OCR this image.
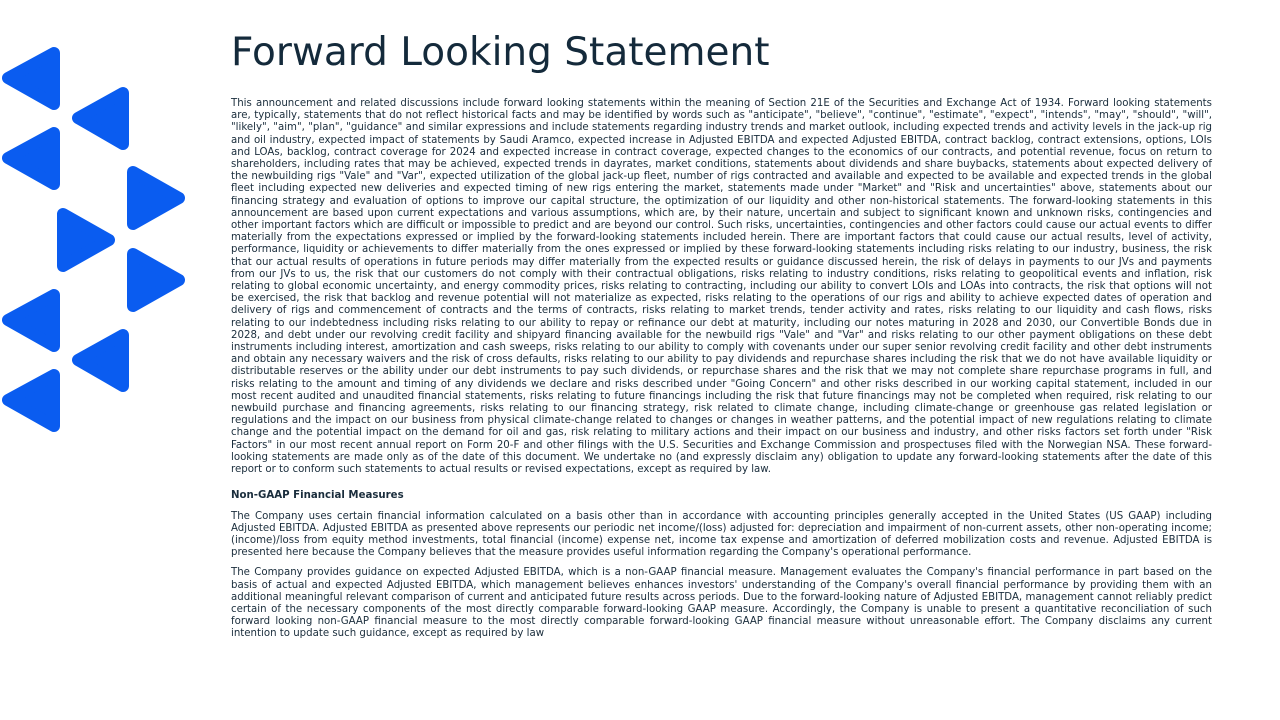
Forward Looking Statement

This announcement and related discussions include forward looking statements within the meaning of Section 21E of the Securities and Exchange Act of 1934. Forward looking statements are, typically, statements that do not reflect historical facts and may be identified by words such as "anticipate", "believe", "continue", "estimate", "expect", "intends", "may", "should", "will", "likely", "aim", "plan", "guidance" and similar expressions and include statements regarding industry trends and market outlook, including expected trends and activity levels in the jack-up rig and oil industry, expected impact of statements by Saudi Aramco, expected increase in Adjusted EBITDA and expected Adjusted EBITDA, contract backlog, contract extensions, options, LOIs and LOAs, backlog, contract coverage for 2024 and expected increase in contract coverage, expected changes to the economics of our contracts, and potential revenue, focus on return to shareholders, including rates that may be achieved, expected trends in dayrates, market conditions, statements about dividends and share buybacks, statements about expected delivery of the newbuilding rigs "Vale" and "Var", expected utilization of the global jack-up fleet, number of rigs contracted and available and expected to be available and expected trends in the global fleet including expected new deliveries and expected timing of new rigs entering the market, statements made under "Market" and "Risk and uncertainties" above, statements about our financing strategy and evaluation of options to improve our capital structure, the optimization of our liquidity and other non-historical statements. The forward-looking statements in this announcement are based upon current expectations and various assumptions, which are, by their nature, uncertain and subject to significant known and unknown risks, contingencies and other important factors which are difficult or impossible to predict and are beyond our control. Such risks, uncertainties, contingencies and other factors could cause our actual events to differ materially from the expectations expressed or implied by the forward-looking statements included herein. There are important factors that could cause our actual results, level of activity, performance, liquidity or achievements to differ materially from the ones expressed or implied by these forward-looking statements including risks relating to our industry, business, the risk that our actual results of operations in future periods may differ materially from the expected results or guidance discussed herein, the risk of delays in payments to our JVs and payments from our JVs to us, the risk that our customers do not comply with their contractual obligations, risks relating to industry conditions, risks relating to geopolitical events and inflation, risk relating to global economic uncertainty, and energy commodity prices, risks relating to contracting, including our ability to convert LOIs and LOAs into contracts, the risk that options will not be exercised, the risk that backlog and revenue potential will not materialize as expected, risks relating to the operations of our rigs and ability to achieve expected dates of operation and delivery of rigs and commencement of contracts and the terms of contracts, risks relating to market trends, tender activity and rates, risks relating to our liquidity and cash flows, risks relating to our indebtedness including risks relating to our ability to repay or refinance our debt at maturity, including our notes maturing in 2028 and 2030, our Convertible Bonds due in 2028, and debt under our revolving credit facility and shipyard financing available for the newbuild rigs "Vale" and "Var" and risks relating to our other payment obligations on these debt instruments including interest, amortization and cash sweeps, risks relating to our ability to comply with covenants under our super senior revolving credit facility and other debt instruments and obtain any necessary waivers and the risk of cross defaults, risks relating to our ability to pay dividends and repurchase shares including the risk that we do not have available liquidity or distributable reserves or the ability under our debt instruments to pay such dividends, or repurchase shares and the risk that we may not complete share repurchase programs in full, and risks relating to the amount and timing of any dividends we declare and risks described under "Going Concern" and other risks described in our working capital statement, included in our most recent audited and unaudited financial statements, risks relating to future financings including the risk that future financings may not be completed when required, risk relating to our newbuild purchase and financing agreements, risks relating to our financing strategy, risk related to climate change, including climate-change or greenhouse gas related legislation or regulations and the impact on our business from physical climate-change related to changes or changes in weather patterns, and the potential impact of new regulations relating to climate change and the potential impact on the demand for oil and gas, risk relating to military actions and their impact on our business and industry, and other risks factors set forth under "Risk Factors" in our most recent annual report on Form 20-F and other filings with the U.S. Securities and Exchange Commission and prospectuses filed with the Norwegian NSA. These forward-looking statements are made only as of the date of this document. We undertake no (and expressly disclaim any) obligation to update any forward-looking statements after the date of this report or to conform such statements to actual results or revised expectations, except as required by law.

Non-GAAP Financial Measures

The Company uses certain financial information calculated on a basis other than in accordance with accounting principles generally accepted in the United States (US GAAP) including Adjusted EBITDA. Adjusted EBITDA as presented above represents our periodic net income/(loss) adjusted for: depreciation and impairment of non-current assets, other non-operating income; (income)/loss from equity method investments, total financial (income) expense net, income tax expense and amortization of deferred mobilization costs and revenue. Adjusted EBITDA is presented here because the Company believes that the measure provides useful information regarding the Company's operational performance.

The Company provides guidance on expected Adjusted EBITDA, which is a non-GAAP financial measure. Management evaluates the Company's financial performance in part based on the basis of actual and expected Adjusted EBITDA, which management believes enhances investors' understanding of the Company's overall financial performance by providing them with an additional meaningful relevant comparison of current and anticipated future results across periods. Due to the forward-looking nature of Adjusted EBITDA, management cannot reliably predict certain of the necessary components of the most directly comparable forward-looking GAAP measure. Accordingly, the Company is unable to present a quantitative reconciliation of such forward looking non-GAAP financial measure to the most directly comparable forward-looking GAAP financial measure without unreasonable effort. The Company disclaims any current intention to update such guidance, except as required by law
